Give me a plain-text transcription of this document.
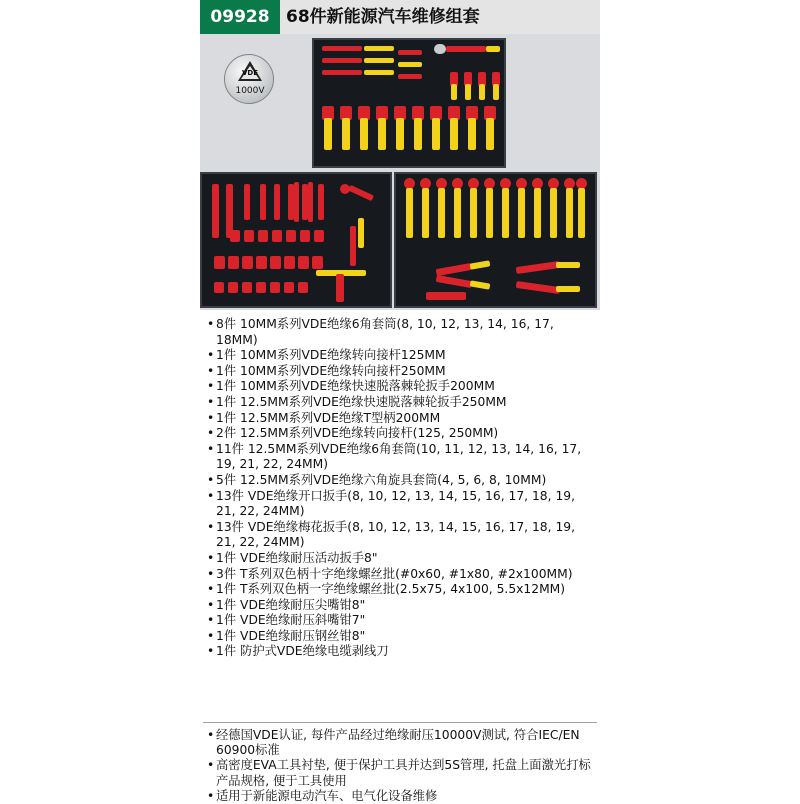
09928 68件新能源汽车维修组套
VDE
1000V
• 8件 10MM系列VDE绝缘6角套筒(8, 10, 12, 13, 14, 16, 17, 18MM)
• 1件 10MM系列VDE绝缘转向接杆125MM
• 1件 10MM系列VDE绝缘转向接杆250MM
• 1件 10MM系列VDE绝缘快速脱落棘轮扳手200MM
• 1件 12.5MM系列VDE绝缘快速脱落棘轮扳手250MM
• 1件 12.5MM系列VDE绝缘T型柄200MM
• 2件 12.5MM系列VDE绝缘转向接杆(125, 250MM)
• 11件 12.5MM系列VDE绝缘6角套筒(10, 11, 12, 13, 14, 16, 17, 19, 21, 22, 24MM)
• 5件 12.5MM系列VDE绝缘六角旋具套筒(4, 5, 6, 8, 10MM)
• 13件 VDE绝缘开口扳手(8, 10, 12, 13, 14, 15, 16, 17, 18, 19, 21, 22, 24MM)
• 13件 VDE绝缘梅花扳手(8, 10, 12, 13, 14, 15, 16, 17, 18, 19, 21, 22, 24MM)
• 1件 VDE绝缘耐压活动扳手8"
• 3件 T系列双色柄十字绝缘螺丝批(#0x60, #1x80, #2x100MM)
• 1件 T系列双色柄一字绝缘螺丝批(2.5x75, 4x100, 5.5x12MM)
• 1件 VDE绝缘耐压尖嘴钳8"
• 1件 VDE绝缘耐压斜嘴钳7"
• 1件 VDE绝缘耐压钢丝钳8"
• 1件 防护式VDE绝缘电缆剥线刀
• 经德国VDE认证, 每件产品经过绝缘耐压10000V测试, 符合IEC/EN 60900标准
• 高密度EVA工具衬垫, 便于保护工具并达到5S管理, 托盘上面激光打标产品规格, 便于工具使用
• 适用于新能源电动汽车、电气化设备维修
